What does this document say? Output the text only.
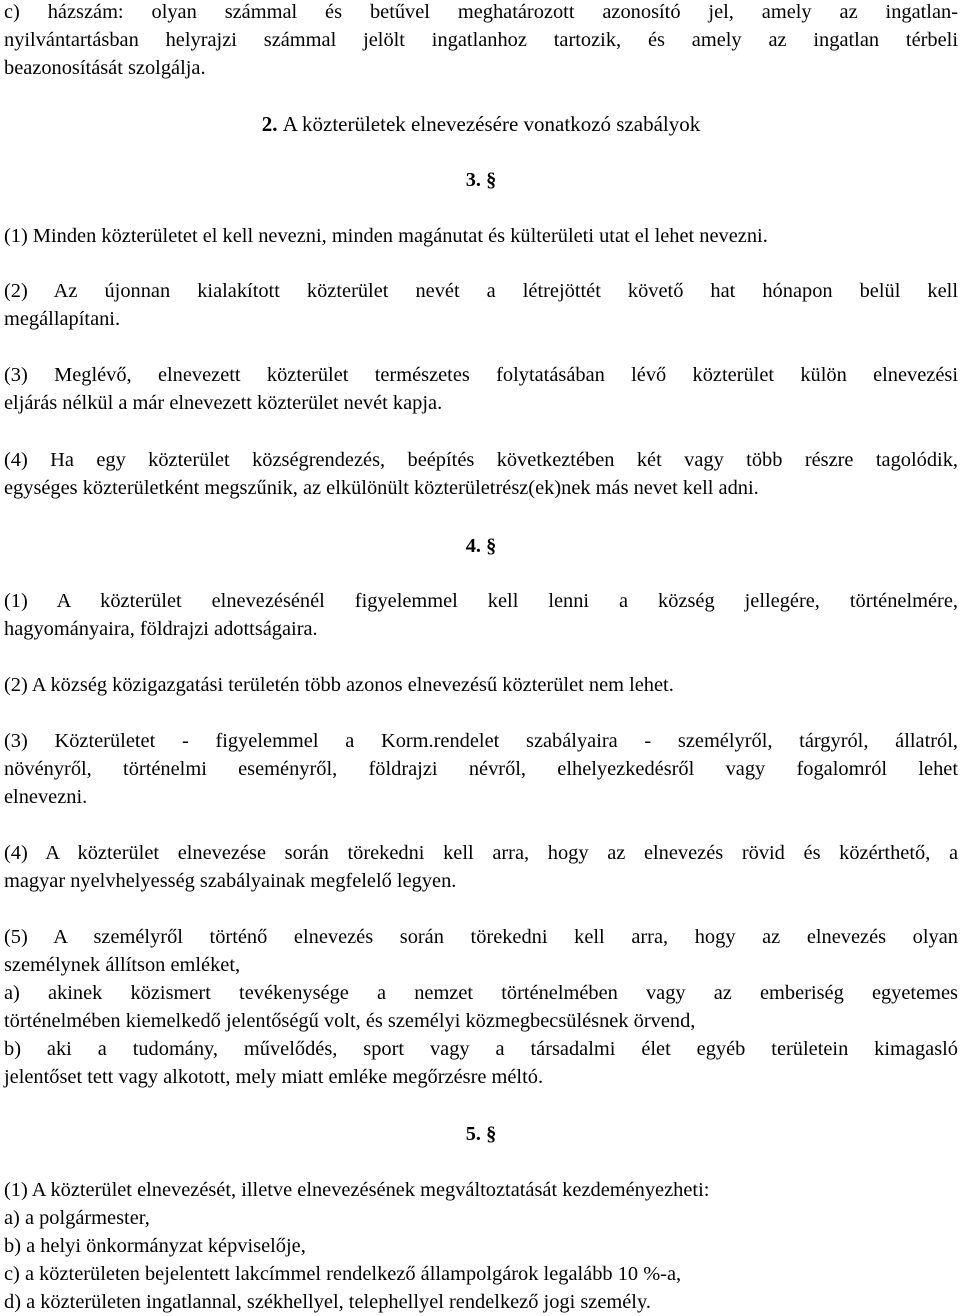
c) házszám: olyan számmal és betűvel meghatározott azonosító jel, amely az ingatlan-
nyilvántartásban helyrajzi számmal jelölt ingatlanhoz tartozik, és amely az ingatlan térbeli
beazonosítását szolgálja.
2. A közterületek elnevezésére vonatkozó szabályok
3. §
(1) Minden közterületet el kell nevezni, minden magánutat és külterületi utat el lehet nevezni.
(2) Az újonnan kialakított közterület nevét a létrejöttét követő hat hónapon belül kell
megállapítani.
(3) Meglévő, elnevezett közterület természetes folytatásában lévő közterület külön elnevezési
eljárás nélkül a már elnevezett közterület nevét kapja.
(4) Ha egy közterület községrendezés, beépítés következtében két vagy több részre tagolódik,
egységes közterületként megszűnik, az elkülönült közterületrész(ek)nek más nevet kell adni.
4. §
(1) A közterület elnevezésénél figyelemmel kell lenni a község jellegére, történelmére,
hagyományaira, földrajzi adottságaira.
(2) A község közigazgatási területén több azonos elnevezésű közterület nem lehet.
(3) Közterületet - figyelemmel a Korm.rendelet szabályaira - személyről, tárgyról, állatról,
növényről, történelmi eseményről, földrajzi névről, elhelyezkedésről vagy fogalomról lehet
elnevezni.
(4) A közterület elnevezése során törekedni kell arra, hogy az elnevezés rövid és közérthető, a
magyar nyelvhelyesség szabályainak megfelelő legyen.
(5) A személyről történő elnevezés során törekedni kell arra, hogy az elnevezés olyan
személynek állítson emléket,
a) akinek közismert tevékenysége a nemzet történelmében vagy az emberiség egyetemes
történelmében kiemelkedő jelentőségű volt, és személyi közmegbecsülésnek örvend,
b) aki a tudomány, művelődés, sport vagy a társadalmi élet egyéb területein kimagasló
jelentőset tett vagy alkotott, mely miatt emléke megőrzésre méltó.
5. §
(1) A közterület elnevezését, illetve elnevezésének megváltoztatását kezdeményezheti:
a) a polgármester,
b) a helyi önkormányzat képviselője,
c) a közterületen bejelentett lakcímmel rendelkező állampolgárok legalább 10 %-a,
d) a közterületen ingatlannal, székhellyel, telephellyel rendelkező jogi személy.
